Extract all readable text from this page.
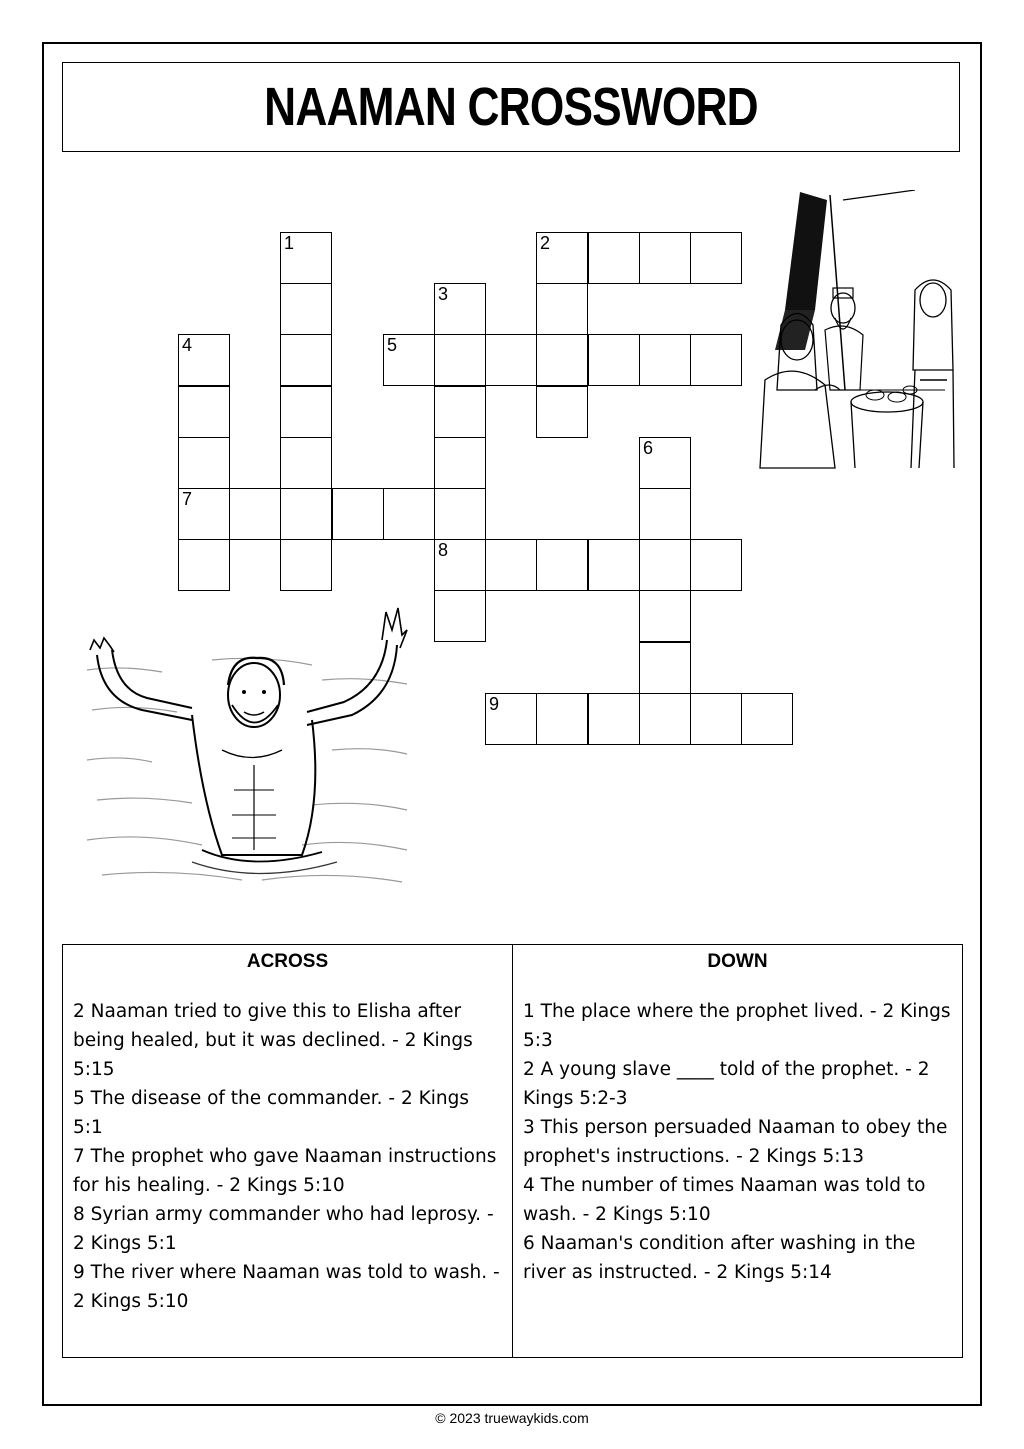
NAAMAN CROSSWORD
1	2
3
8
4
7
5
6
9
ACROSS

2 Naaman tried to give this to Elisha after being healed, but it was declined. - 2 Kings 5:15

5 The disease of the commander. - 2 Kings 5:1

7 The prophet who gave Naaman instructions for his healing. - 2 Kings 5:10

8 Syrian army commander who had leprosy. - 2 Kings 5:1

9 The river where Naaman was told to wash. - 2 Kings 5:10

DOWN

1 The place where the prophet lived. - 2 Kings 5:3

2 A young slave ____ told of the prophet. - 2 Kings 5:2-3

3 This person persuaded Naaman to obey the prophet's instructions. - 2 Kings 5:13

4 The number of times Naaman was told to wash. - 2 Kings 5:10

6 Naaman's condition after washing in the river as instructed. - 2 Kings 5:14

© 2023 truewaykids.com
